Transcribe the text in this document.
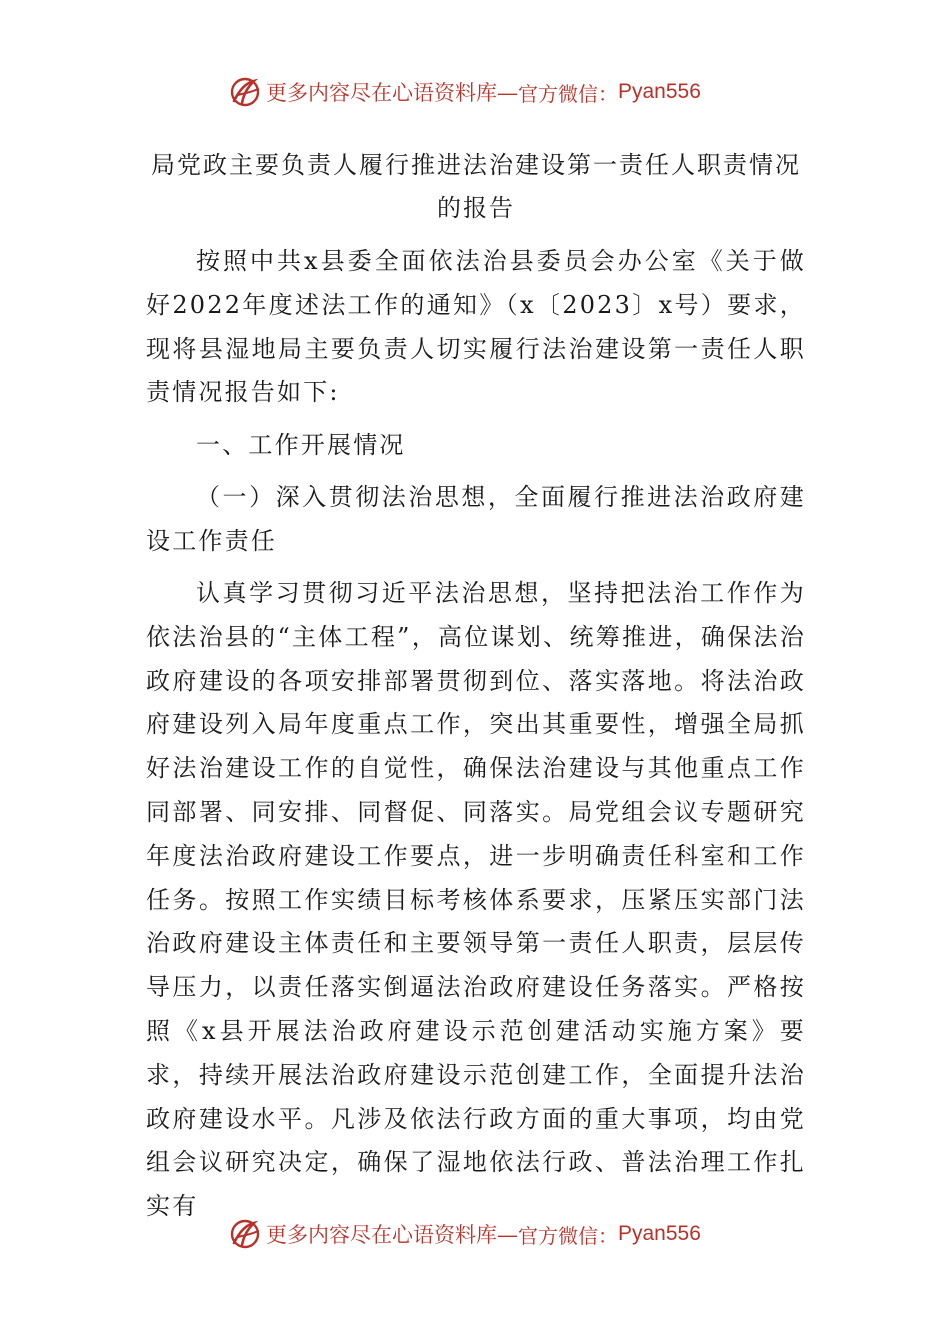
更多内容尽在心语资料库— 官方微信： Pyan556
局党政主要负责人履行推进法治建设第一责任人职责情况
的报告

按照中共x县委全面依法治县委员会办公室《关于做好2022年度述法工作的通知》（x〔2023〕x号）要求，现将县湿地局主要负责人切实履行法治建设第一责任人职责情况报告如下:

一、工作开展情况

（一）深入贯彻法治思想，全面履行推进法治政府建设工作责任

认真学习贯彻习近平法治思想，坚持把法治工作作为依法治县的“主体工程”，高位谋划、统筹推进，确保法治政府建设的各项安排部署贯彻到位、落实落地。将法治政府建设列入局年度重点工作，突出其重要性，增强全局抓好法治建设工作的自觉性，确保法治建设与其他重点工作同部署、同安排、同督促、同落实。局党组会议专题研究年度法治政府建设工作要点，进一步明确责任科室和工作任务。按照工作实绩目标考核体系要求，压紧压实部门法治政府建设主体责任和主要领导第一责任人职责，层层传导压力，以责任落实倒逼法治政府建设任务落实。严格按照《x县开展法治政府建设示范创建活动实施方案》要求，持续开展法治政府建设示范创建工作，全面提升法治政府建设水平。凡涉及依法行政方面的重大事项，均由党组会议研究决定，确保了湿地依法行政、普法治理工作扎实有

更多内容尽在心语资料库— 官方微信： Pyan556
